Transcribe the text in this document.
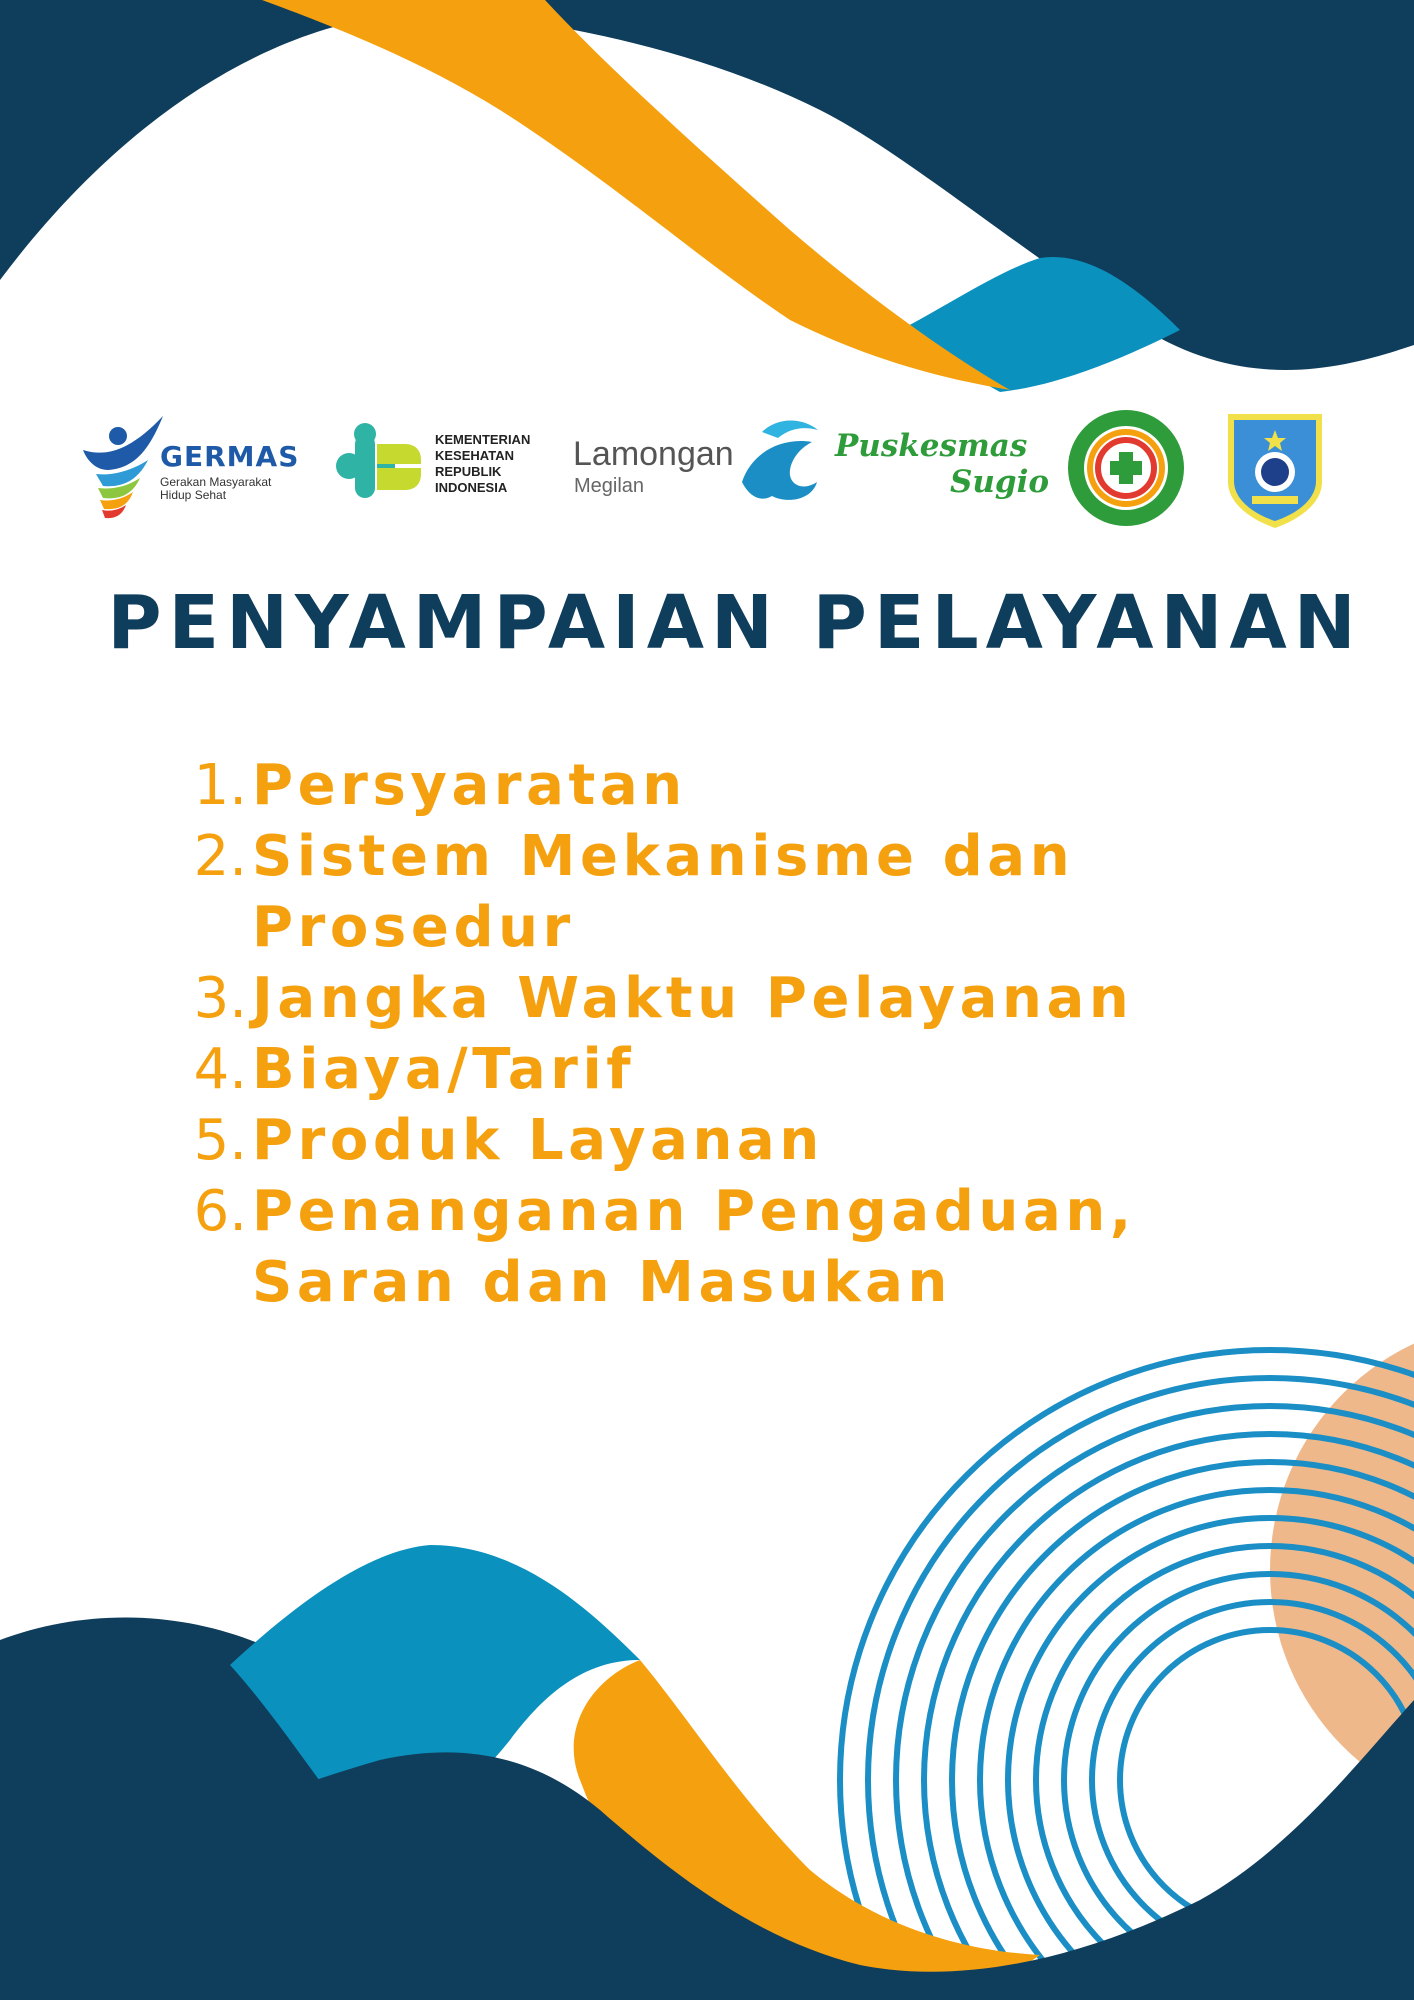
GERMAS
Gerakan Masyarakat
Hidup Sehat
KEMENTERIAN
KESEHATAN
REPUBLIK
INDONESIA
Lamongan
Megilan
Puskesmas
Sugio
PENYAMPAIAN PELAYANAN
1. Persyaratan
2. Sistem Mekanisme dan
Prosedur
3. Jangka Waktu Pelayanan
4. Biaya/Tarif
5. Produk Layanan
6. Penanganan Pengaduan,
Saran dan Masukan
